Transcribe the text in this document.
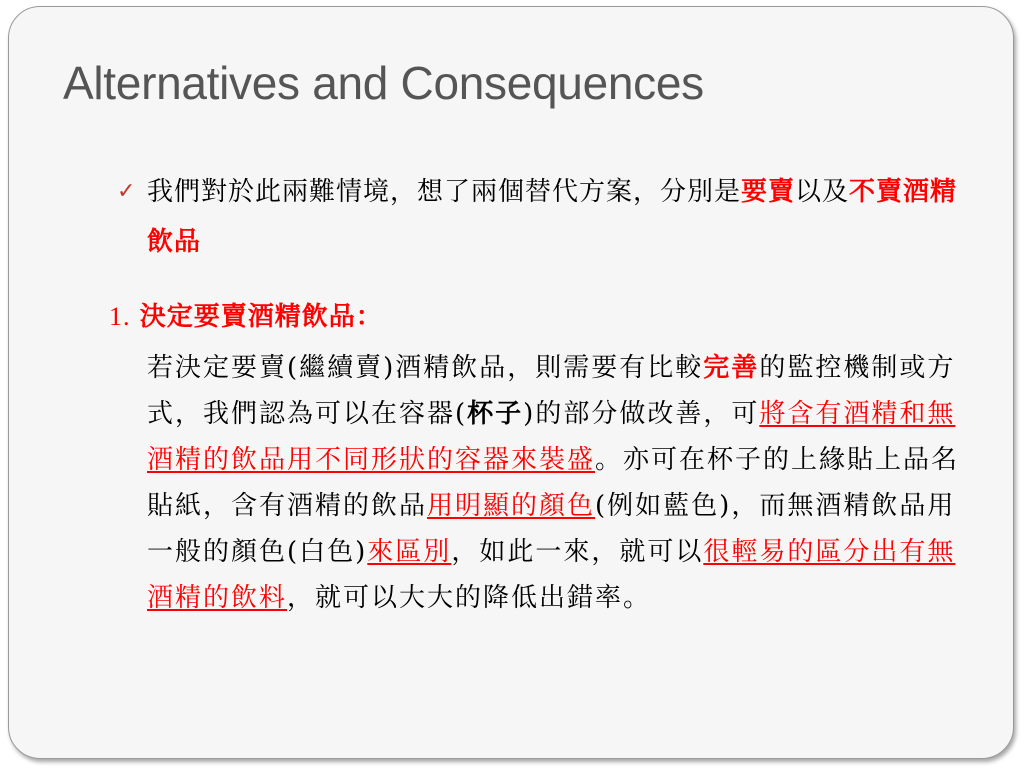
Alternatives and Consequences
✓ 我們對於此兩難情境，想了兩個替代方案，分別是要賣以及不賣酒精飲品
1. 決定要賣酒精飲品：
若決定要賣(繼續賣)酒精飲品，則需要有比較完善的監控機制或方式，我們認為可以在容器(杯子)的部分做改善，可將含有酒精和無酒精的飲品用不同形狀的容器來裝盛。亦可在杯子的上緣貼上品名貼紙，含有酒精的飲品用明顯的顏色(例如藍色)，而無酒精飲品用一般的顏色(白色)來區別，如此一來，就可以很輕易的區分出有無酒精的飲料，就可以大大的降低出錯率。
